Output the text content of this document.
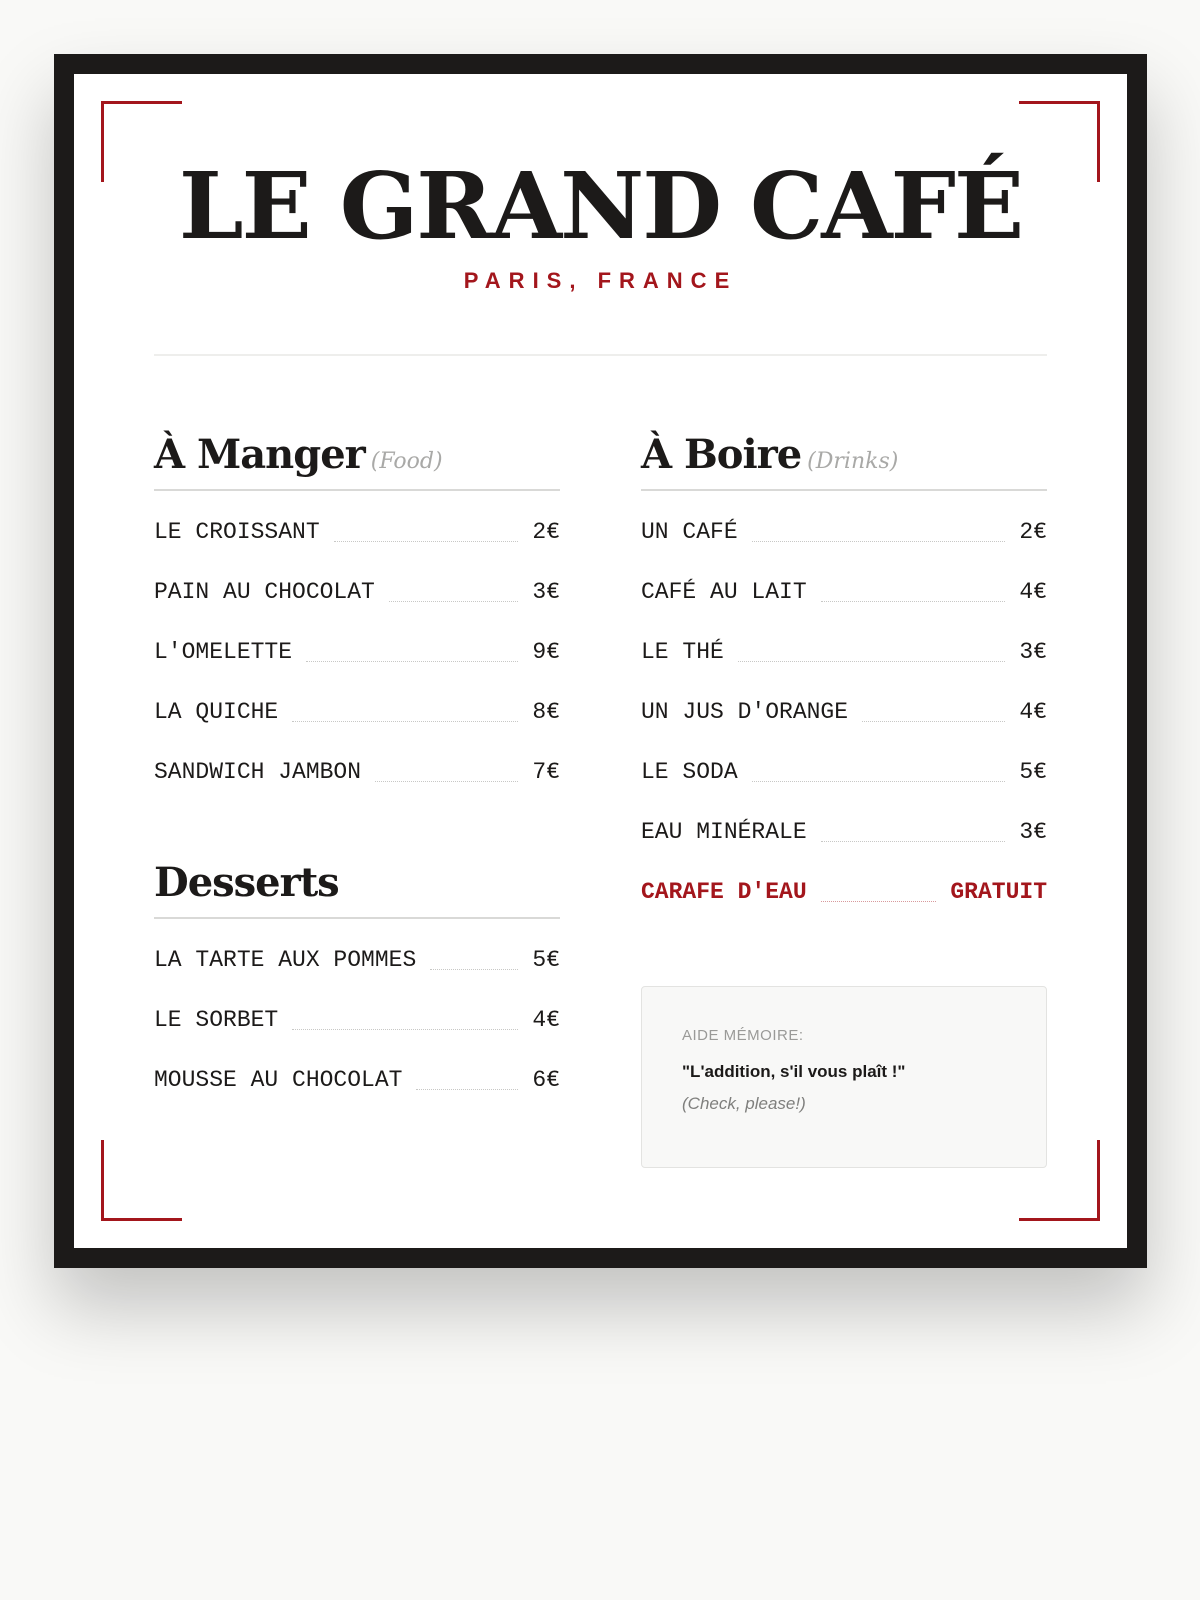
LE GRAND CAFÉ
PARIS, FRANCE
À Manger (Food)
LE CROISSANT	2€
PAIN AU CHOCOLAT	3€
L'OMELETTE	9€
LA QUICHE	8€
SANDWICH JAMBON	7€
Desserts
LA TARTE AUX POMMES	5€
LE SORBET	4€
MOUSSE AU CHOCOLAT	6€
À Boire (Drinks)
UN CAFÉ	2€
CAFÉ AU LAIT	4€
LE THÉ	3€
UN JUS D'ORANGE	4€
LE SODA	5€
EAU MINÉRALE	3€
CARAFE D'EAU	GRATUIT
AIDE MÉMOIRE:
"L'addition, s'il vous plaît !"
(Check, please!)
